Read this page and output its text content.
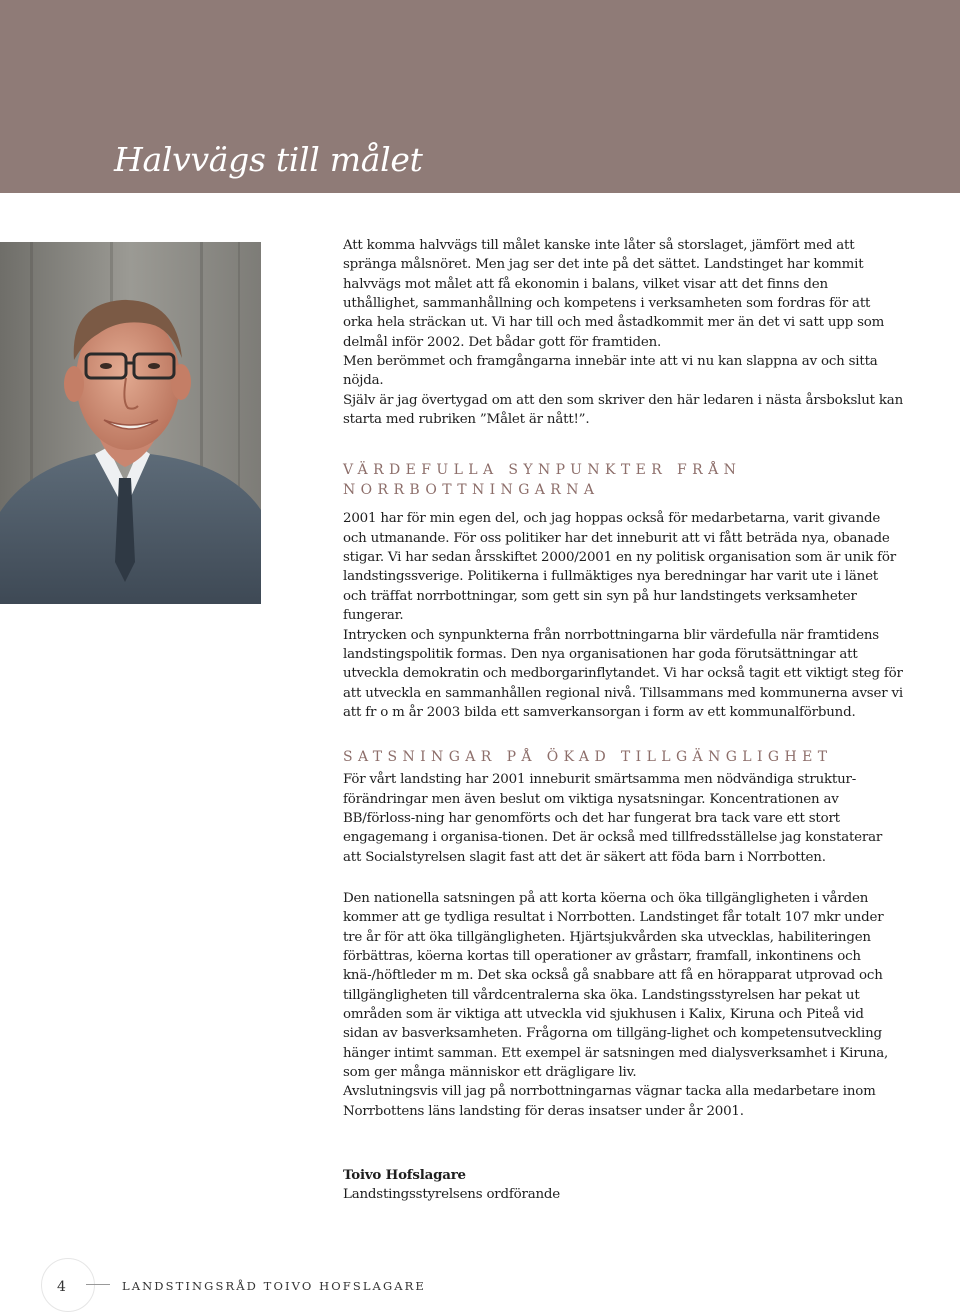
Halvvägs till målet

Att komma halvvägs till målet kanske inte låter så storslaget, jämfört med att spränga målsnöret. Men jag ser det inte på det sättet. Landstinget har kommit halvvägs mot målet att få ekonomin i balans, vilket visar att det finns den uthållighet, sammanhållning och kompetens i verksamheten som fordras för att orka hela sträckan ut. Vi har till och med åstadkommit mer än det vi satt upp som delmål inför 2002. Det bådar gott för framtiden.

Men berömmet och framgångarna innebär inte att vi nu kan slappna av och sitta nöjda.

Själv är jag övertygad om att den som skriver den här ledaren i nästa årsbokslut kan starta med rubriken ”Målet är nått!”.

VÄRDEFULLA SYNPUNKTER FRÅN NORRBOTTNINGARNA

2001 har för min egen del, och jag hoppas också för medarbetarna, varit givande och utmanande. För oss politiker har det inneburit att vi fått beträda nya, obanade stigar. Vi har sedan årsskiftet 2000/2001 en ny politisk organisation som är unik för landstingssverige. Politikerna i fullmäktiges nya beredningar har varit ute i länet och träffat norrbottningar, som gett sin syn på hur landstingets verksamheter fungerar.

Intrycken och synpunkterna från norrbottningarna blir värdefulla när framtidens landstingspolitik formas. Den nya organisationen har goda förutsättningar att utveckla demokratin och medborgarinflytandet. Vi har också tagit ett viktigt steg för att utveckla en sammanhållen regional nivå. Tillsammans med kommunerna avser vi att fr o m år 2003 bilda ett samverkansorgan i form av ett kommunalförbund.

SATSNINGAR PÅ ÖKAD TILLGÄNGLIGHET

För vårt landsting har 2001 inneburit smärtsamma men nödvändiga struktur-förändringar men även beslut om viktiga nysatsningar. Koncentrationen av BB/förloss-ning har genomförts och det har fungerat bra tack vare ett stort engagemang i organisa-tionen. Det är också med tillfredsställelse jag konstaterar att Socialstyrelsen slagit fast att det är säkert att föda barn i Norrbotten.

Den nationella satsningen på att korta köerna och öka tillgängligheten i vården kommer att ge tydliga resultat i Norrbotten. Landstinget får totalt 107 mkr under tre år för att öka tillgängligheten. Hjärtsjukvården ska utvecklas, habiliteringen förbättras, köerna kortas till operationer av gråstarr, framfall, inkontinens och knä-/höftleder m m. Det ska också gå snabbare att få en hörapparat utprovad och tillgängligheten till vårdcentralerna ska öka. Landstingsstyrelsen har pekat ut områden som är viktiga att utveckla vid sjukhusen i Kalix, Kiruna och Piteå vid sidan av basverksamheten. Frågorna om tillgäng-lighet och kompetensutveckling hänger intimt samman. Ett exempel är satsningen med dialysverksamhet i Kiruna, som ger många människor ett drägligare liv.

Avslutningsvis vill jag på norrbottningarnas vägnar tacka alla medarbetare inom Norrbottens läns landsting för deras insatser under år 2001.

Toivo Hofslagare

Landstingsstyrelsens ordförande

4	LANDSTINGSRÅD TOIVO HOFSLAGARE
